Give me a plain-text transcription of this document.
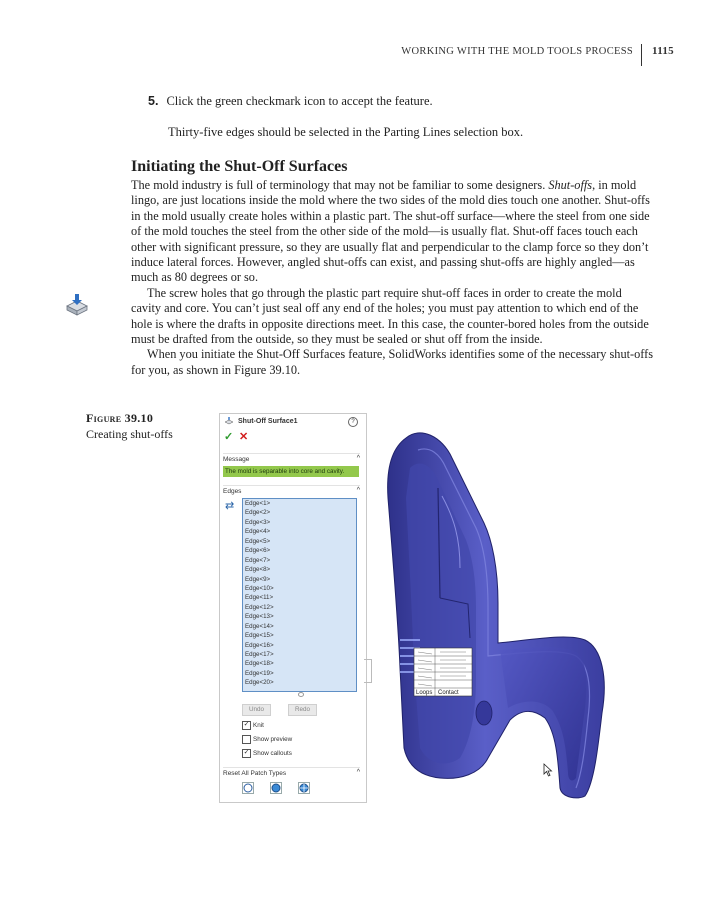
WORKING WITH THE MOLD TOOLS PROCESS 1115
5. Click the green checkmark icon to accept the feature.
Thirty-five edges should be selected in the Parting Lines selection box.
Initiating the Shut-Off Surfaces

The mold industry is full of terminology that may not be familiar to some designers. Shut-offs, in mold lingo, are just locations inside the mold where the two sides of the mold dies touch one another. Shut-offs in the mold usually create holes within a plastic part. The shut-off surface—where the steel from one side of the mold touches the steel from the other side of the mold—is usually flat. Shut-off faces touch each other with significant pressure, so they are usually flat and perpendicular to the clamp force so they don’t induce lateral forces. However, angled shut-offs can exist, and passing shut-offs are highly angled—as much as 80 degrees or so.

The screw holes that go through the plastic part require shut-off faces in order to create the mold cavity and core. You can’t just seal off any end of the holes; you must pay attention to which end of the hole is where the drafts in opposite directions meet. In this case, the counter-bored holes from the outside must be drafted from the outside, so they must be sealed or shut off from the inside.

When you initiate the Shut-Off Surfaces feature, SolidWorks identifies some of the necessary shut-offs for you, as shown in Figure 39.10.

Figure 39.10
Creating shut-offs
Shut-Off Surface1	?
✓ ✕
Message	^
The mold is separable into core and cavity.
Edges	^
⇄	Edge<1>
Edge<2>
Edge<3>
Edge<4>
Edge<5>
Edge<6>
Edge<7>
Edge<8>
Edge<9>
Edge<10>
Edge<11>
Edge<12>
Edge<13>
Edge<14>
Edge<15>
Edge<16>
Edge<17>
Edge<18>
Edge<19>
Edge<20>
Undo	Redo
✓ Knit
Show preview
✓ Show callouts
Reset All Patch Types	^
Loops Contact
